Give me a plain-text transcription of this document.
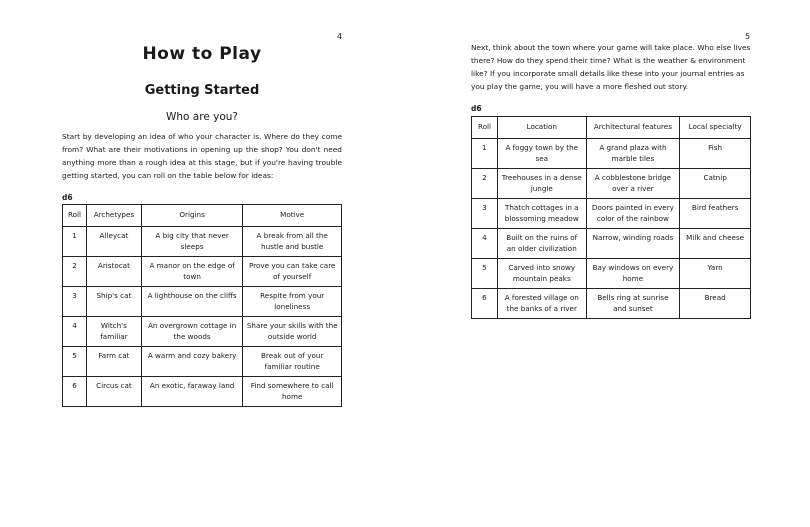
4
How to Play
Getting Started
Who are you?

Start by developing an idea of who your character is. Where do they come from? What are their motivations in opening up the shop? You don't need anything more than a rough idea at this stage, but if you're having trouble getting started, you can roll on the table below for ideas:

d6
Roll	Archetypes	Origins	Motive
1	Alleycat	A big city that never sleeps	A break from all the hustle and bustle
2	Aristocat	A manor on the edge of town	Prove you can take care of yourself
3	Ship's cat	A lighthouse on the cliffs	Respite from your loneliness
4	Witch's familiar	An overgrown cottage in the woods	Share your skills with the outside world
5	Farm cat	A warm and cozy bakery	Break out of your familiar routine
6	Circus cat	An exotic, faraway land	Find somewhere to call home
5

Next, think about the town where your game will take place. Who else lives there? How do they spend their time? What is the weather & environment like? If you incorporate small details like these into your journal entries as you play the game, you will have a more fleshed out story.

d6
Roll	Location	Architectural features	Local specialty
1	A foggy town by the sea	A grand plaza with marble tiles	Fish
2	Treehouses in a dense jungle	A cobblestone bridge over a river	Catnip
3	Thatch cottages in a blossoming meadow	Doors painted in every color of the rainbow	Bird feathers
4	Built on the ruins of an older civilization	Narrow, winding roads	Milk and cheese
5	Carved into snowy mountain peaks	Bay windows on every home	Yarn
6	A forested village on the banks of a river	Bells ring at sunrise and sunset	Bread
